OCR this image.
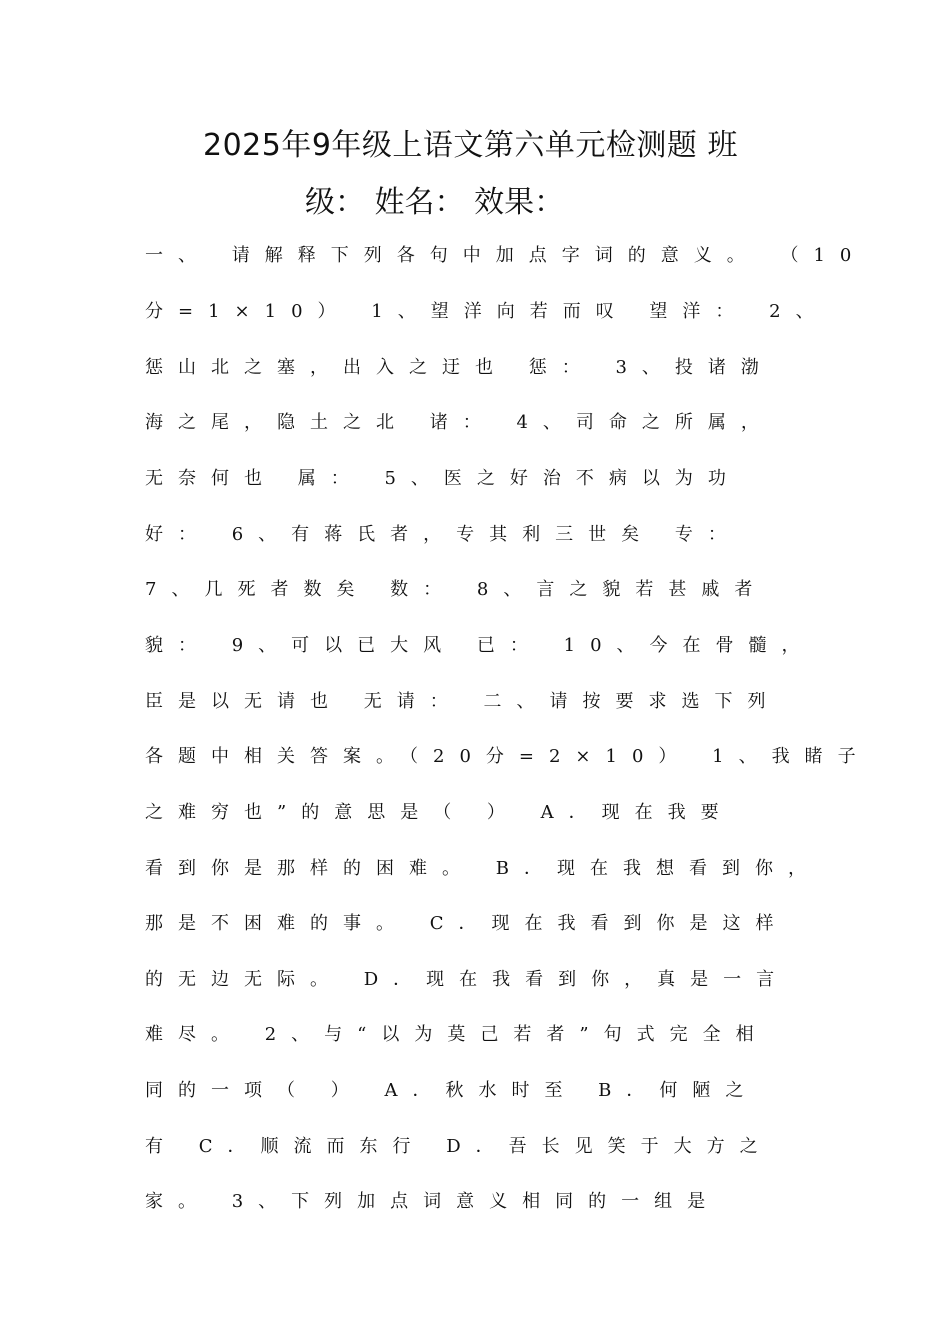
2025年9年级上语文第六单元检测题 班
级： 姓名： 效果：
一、 请解释下列各句中加点字词的意义。 （10
分=1×10） 1、望洋向若而叹 望洋： 2、
惩山北之塞，出入之迂也 惩： 3、投诸渤
海之尾，隐土之北 诸： 4、司命之所属，
无奈何也 属： 5、医之好治不病以为功
好： 6、有蒋氏者，专其利三世矣 专：
7、几死者数矣 数： 8、言之貌若甚戚者
貌： 9、可以已大风 已： 10、今在骨髓，
臣是以无请也 无请： 二、请按要求选下列
各题中相关答案。（20分=2×10） 1、我睹子
之难穷也”的意思是（ ） A．现在我要
看到你是那样的困难。 B．现在我想看到你，
那是不困难的事。 C．现在我看到你是这样
的无边无际。 D．现在我看到你，真是一言
难尽。 2、与“以为莫己若者”句式完全相
同的一项（ ） A．秋水时至 B．何陋之
有 C．顺流而东行 D．吾长见笑于大方之
家。 3、下列加点词意义相同的一组是
